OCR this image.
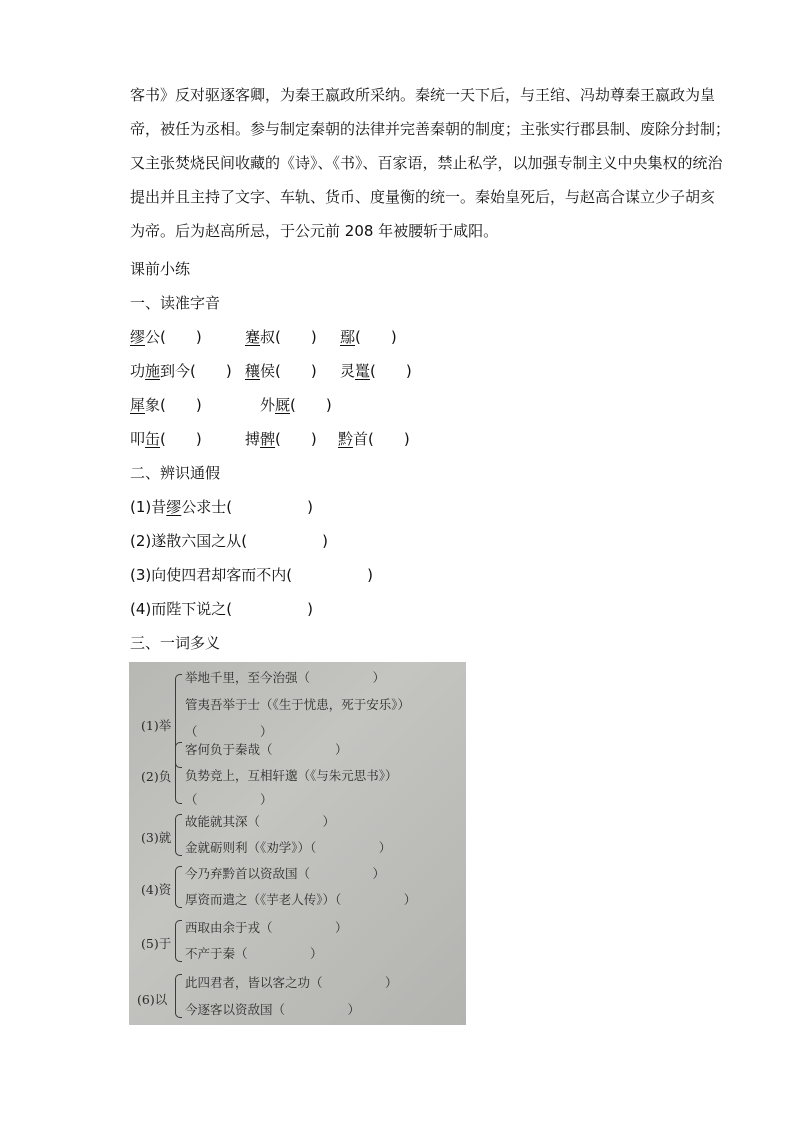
客书》反对驱逐客卿，为秦王嬴政所采纳。秦统一天下后，与王绾、冯劫尊秦王嬴政为皇
帝，被任为丞相。参与制定秦朝的法律并完善秦朝的制度；主张实行郡县制、废除分封制；
又主张焚烧民间收藏的《诗》、《书》、百家语，禁止私学，以加强专制主义中央集权的统治
提出并且主持了文字、车轨、货币、度量衡的统一。秦始皇死后，与赵高合谋立少子胡亥
为帝。后为赵高所忌，于公元前 208 年被腰斩于咸阳。
课前小练
一、读准字音
缪公(　　)	蹇叔(　　) 鄢(　　)
功施到今(　　) 穰侯(　　) 灵鼍(　　)
犀象(　　)	外厩(　　)
叩缶(　　)	搏髀(　　) 黔首(　　)
二、辨识通假
(1)昔缪公求士(　　　　　)
(2)遂散六国之从(　　　　　)
(3)向使四君却客而不内(　　　　　)
(4)而陛下说之(　　　　　)
三、一词多义
(1)举
举地千里，至今治强（　　　　　）
管夷吾举于士（《生于忧患，死于安乐》）
（　　　　　）
(2)负
客何负于秦哉（　　　　　）
负势竞上，互相轩邈（《与朱元思书》）
（　　　　　）
(3)就
故能就其深（　　　　　）
金就砺则利（《劝学》）（　　　　　）
(4)资
今乃弃黔首以资敌国（　　　　　）
厚资而遣之（《芋老人传》）（　　　　　）
(5)于
西取由余于戎（　　　　　）
不产于秦（　　　　　）
(6)以
此四君者，皆以客之功（　　　　　）
今逐客以资敌国（　　　　　）
